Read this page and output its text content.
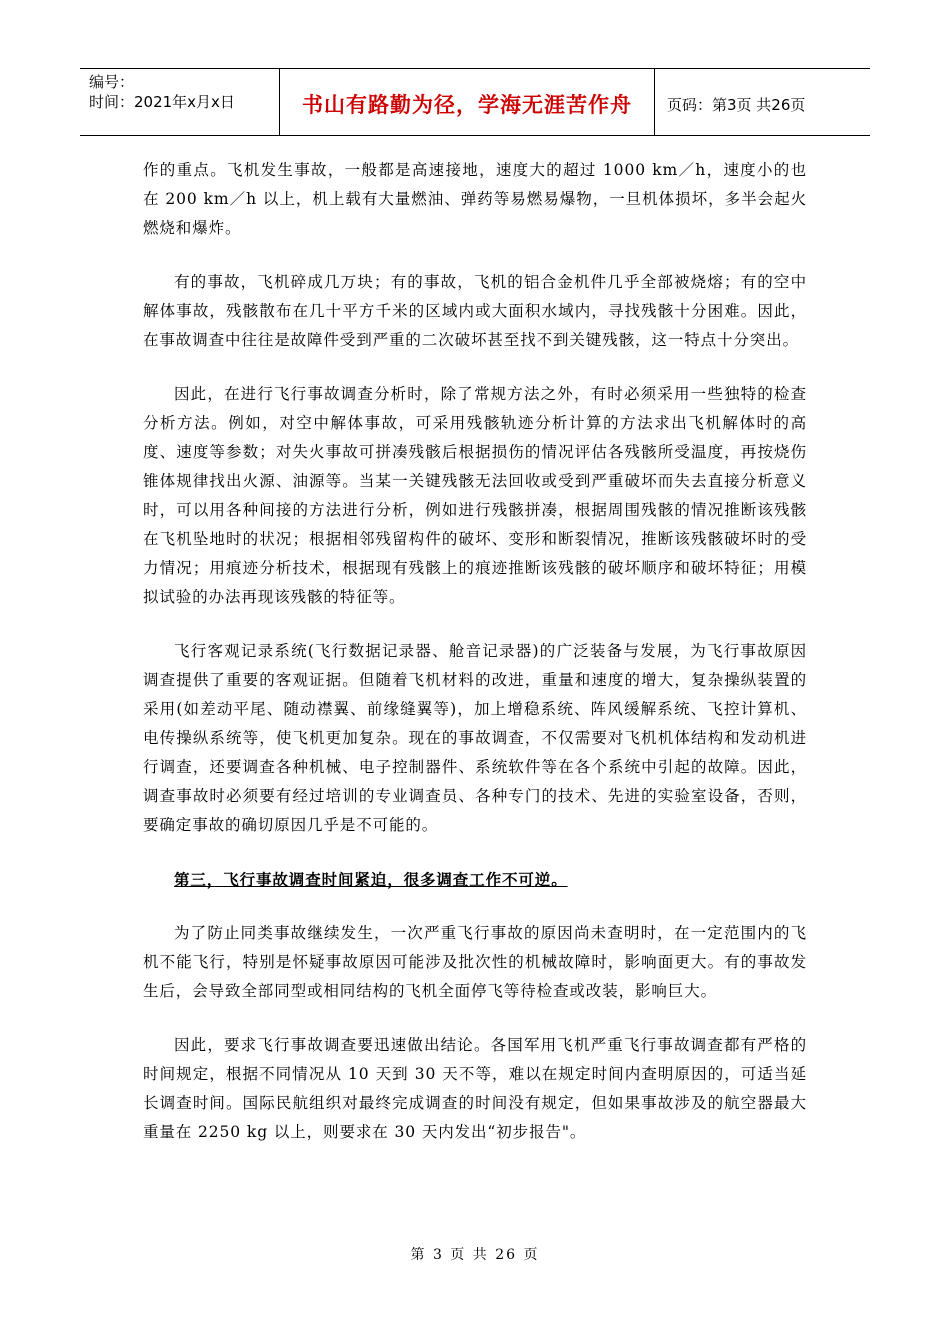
编号：
时间：2021年x月x日	书山有路勤为径，学海无涯苦作舟	页码：第3页 共26页

作的重点。飞机发生事故，一般都是高速接地，速度大的超过 1000 km／h，速度小的也在 200 km／h 以上，机上载有大量燃油、弹药等易燃易爆物，一旦机体损坏，多半会起火燃烧和爆炸。

有的事故，飞机碎成几万块；有的事故，飞机的铝合金机件几乎全部被烧熔；有的空中解体事故，残骸散布在几十平方千米的区域内或大面积水域内，寻找残骸十分困难。因此，在事故调查中往往是故障件受到严重的二次破坏甚至找不到关键残骸，这一特点十分突出。

因此，在进行飞行事故调查分析时，除了常规方法之外，有时必须采用一些独特的检查分析方法。例如，对空中解体事故，可采用残骸轨迹分析计算的方法求出飞机解体时的高度、速度等参数；对失火事故可拼凑残骸后根据损伤的情况评估各残骸所受温度，再按烧伤锥体规律找出火源、油源等。当某一关键残骸无法回收或受到严重破坏而失去直接分析意义时，可以用各种间接的方法进行分析，例如进行残骸拼凑，根据周围残骸的情况推断该残骸在飞机坠地时的状况；根据相邻残留构件的破坏、变形和断裂情况，推断该残骸破坏时的受力情况；用痕迹分析技术，根据现有残骸上的痕迹推断该残骸的破坏顺序和破坏特征；用模拟试验的办法再现该残骸的特征等。

飞行客观记录系统(飞行数据记录器、舱音记录器)的广泛装备与发展，为飞行事故原因调查提供了重要的客观证据。但随着飞机材料的改进，重量和速度的增大，复杂操纵装置的采用(如差动平尾、随动襟翼、前缘缝翼等)，加上增稳系统、阵风缓解系统、飞控计算机、电传操纵系统等，使飞机更加复杂。现在的事故调查，不仅需要对飞机机体结构和发动机进行调查，还要调查各种机械、电子控制器件、系统软件等在各个系统中引起的故障。因此，调查事故时必须要有经过培训的专业调查员、各种专门的技术、先进的实验室设备，否则，要确定事故的确切原因几乎是不可能的。

第三，飞行事故调查时间紧迫，很多调查工作不可逆。

为了防止同类事故继续发生，一次严重飞行事故的原因尚未查明时，在一定范围内的飞机不能飞行，特别是怀疑事故原因可能涉及批次性的机械故障时，影响面更大。有的事故发生后，会导致全部同型或相同结构的飞机全面停飞等待检查或改装，影响巨大。

因此，要求飞行事故调查要迅速做出结论。各国军用飞机严重飞行事故调查都有严格的时间规定，根据不同情况从 10 天到 30 天不等，难以在规定时间内查明原因的，可适当延长调查时间。国际民航组织对最终完成调查的时间没有规定，但如果事故涉及的航空器最大重量在 2250 kg 以上，则要求在 30 天内发出“初步报告"。

第 3 页 共 26 页
